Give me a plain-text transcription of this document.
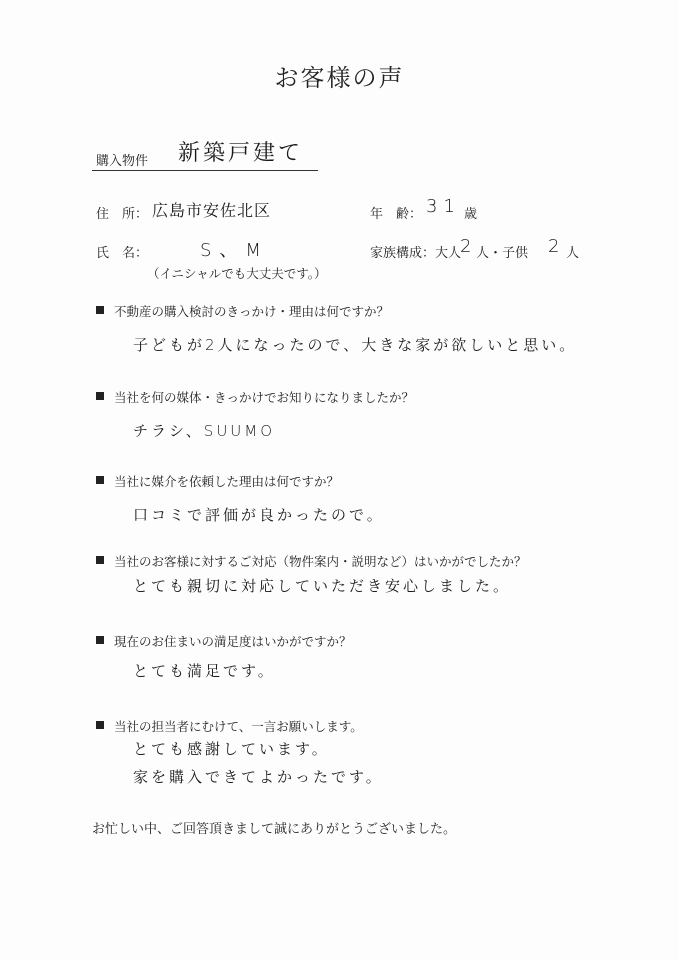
お客様の声
購入物件 新築戸建て
住　所： 広島市安佐北区	年　齢： 31 歳
氏　名：	S、M
（イニシャルでも大丈夫です。）
家族構成：大人
2 人・子供 2 人
不動産の購入検討のきっかけ・理由は何ですか？
子どもが2人になったので、大きな家が欲しいと思い。
当社を何の媒体・きっかけでお知りになりましたか？
チラシ、SUUMO
当社に媒介を依頼した理由は何ですか？
口コミで評価が良かったので。
当社のお客様に対するご対応（物件案内・説明など）はいかがでしたか？
とても親切に対応していただき安心しました。
現在のお住まいの満足度はいかがですか？
とても満足です。
当社の担当者にむけて、一言お願いします。
とても感謝しています。
家を購入できてよかったです。
お忙しい中、ご回答頂きまして誠にありがとうございました。
